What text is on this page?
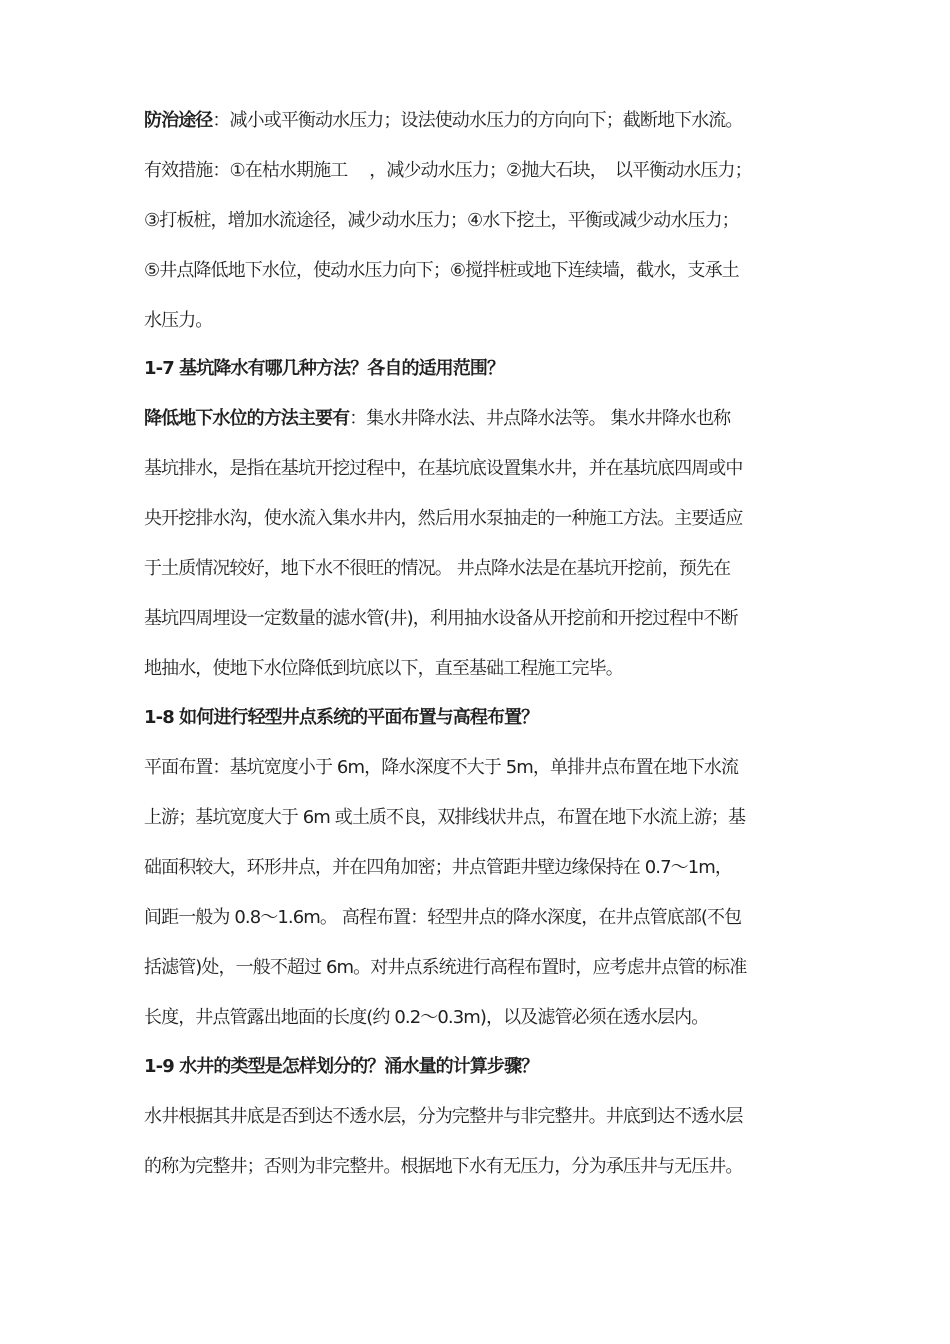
防治途径：减小或平衡动水压力；设法使动水压力的方向向下；截断地下水流。
有效措施：①在枯水期施工　 ，减少动水压力；②抛大石块，　以平衡动水压力；
③打板桩，增加水流途径，减少动水压力；④水下挖土，平衡或减少动水压力；
⑤井点降低地下水位，使动水压力向下；⑥搅拌桩或地下连续墙，截水，支承土
水压力。
1-7 基坑降水有哪几种方法？各自的适用范围？
降低地下水位的方法主要有：集水井降水法、井点降水法等。 集水井降水也称
基坑排水，是指在基坑开挖过程中，在基坑底设置集水井，并在基坑底四周或中
央开挖排水沟，使水流入集水井内，然后用水泵抽走的一种施工方法。主要适应
于土质情况较好，地下水不很旺的情况。 井点降水法是在基坑开挖前，预先在
基坑四周埋设一定数量的滤水管(井)，利用抽水设备从开挖前和开挖过程中不断
地抽水，使地下水位降低到坑底以下，直至基础工程施工完毕。
1-8 如何进行轻型井点系统的平面布置与高程布置？
平面布置：基坑宽度小于 6m，降水深度不大于 5m，单排井点布置在地下水流
上游；基坑宽度大于 6m 或土质不良，双排线状井点，布置在地下水流上游；基
础面积较大，环形井点，并在四角加密；井点管距井壁边缘保持在 0.7～1m，
间距一般为 0.8～1.6m。 高程布置：轻型井点的降水深度，在井点管底部(不包
括滤管)处，一般不超过 6m。对井点系统进行高程布置时，应考虑井点管的标准
长度，井点管露出地面的长度(约 0.2～0.3m)，以及滤管必须在透水层内。
1-9 水井的类型是怎样划分的？涌水量的计算步骤？
水井根据其井底是否到达不透水层，分为完整井与非完整井。井底到达不透水层
的称为完整井；否则为非完整井。根据地下水有无压力，分为承压井与无压井。
